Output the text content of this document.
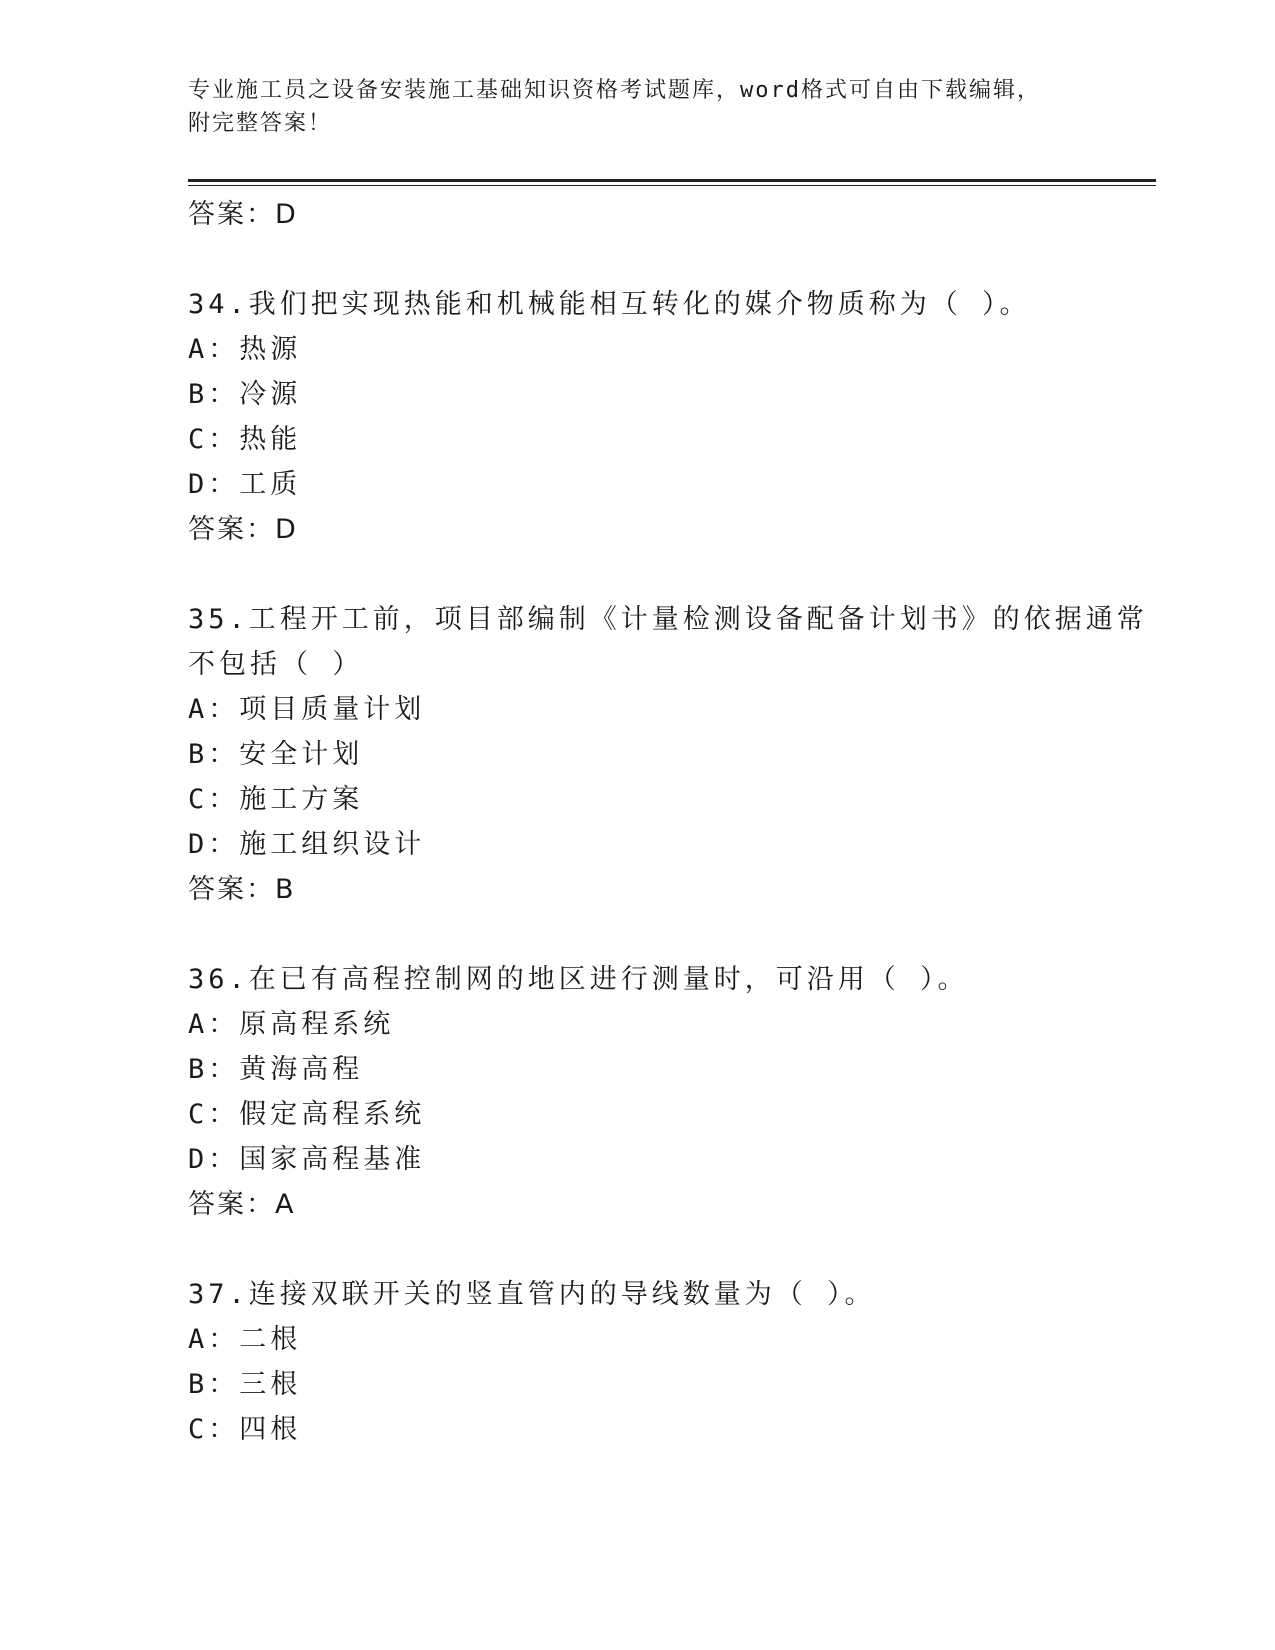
专业施工员之设备安装施工基础知识资格考试题库，word格式可自由下载编辑，
附完整答案！
答案：D
34.我们把实现热能和机械能相互转化的媒介物质称为（ ）。
A：热源
B：冷源
C：热能
D：工质
答案：D
35.工程开工前，项目部编制《计量检测设备配备计划书》的依据通常
不包括（ ）
A：项目质量计划
B：安全计划
C：施工方案
D：施工组织设计
答案：B
36.在已有高程控制网的地区进行测量时，可沿用（ ）。
A：原高程系统
B：黄海高程
C：假定高程系统
D：国家高程基准
答案：A
37.连接双联开关的竖直管内的导线数量为（ ）。
A：二根
B：三根
C：四根
